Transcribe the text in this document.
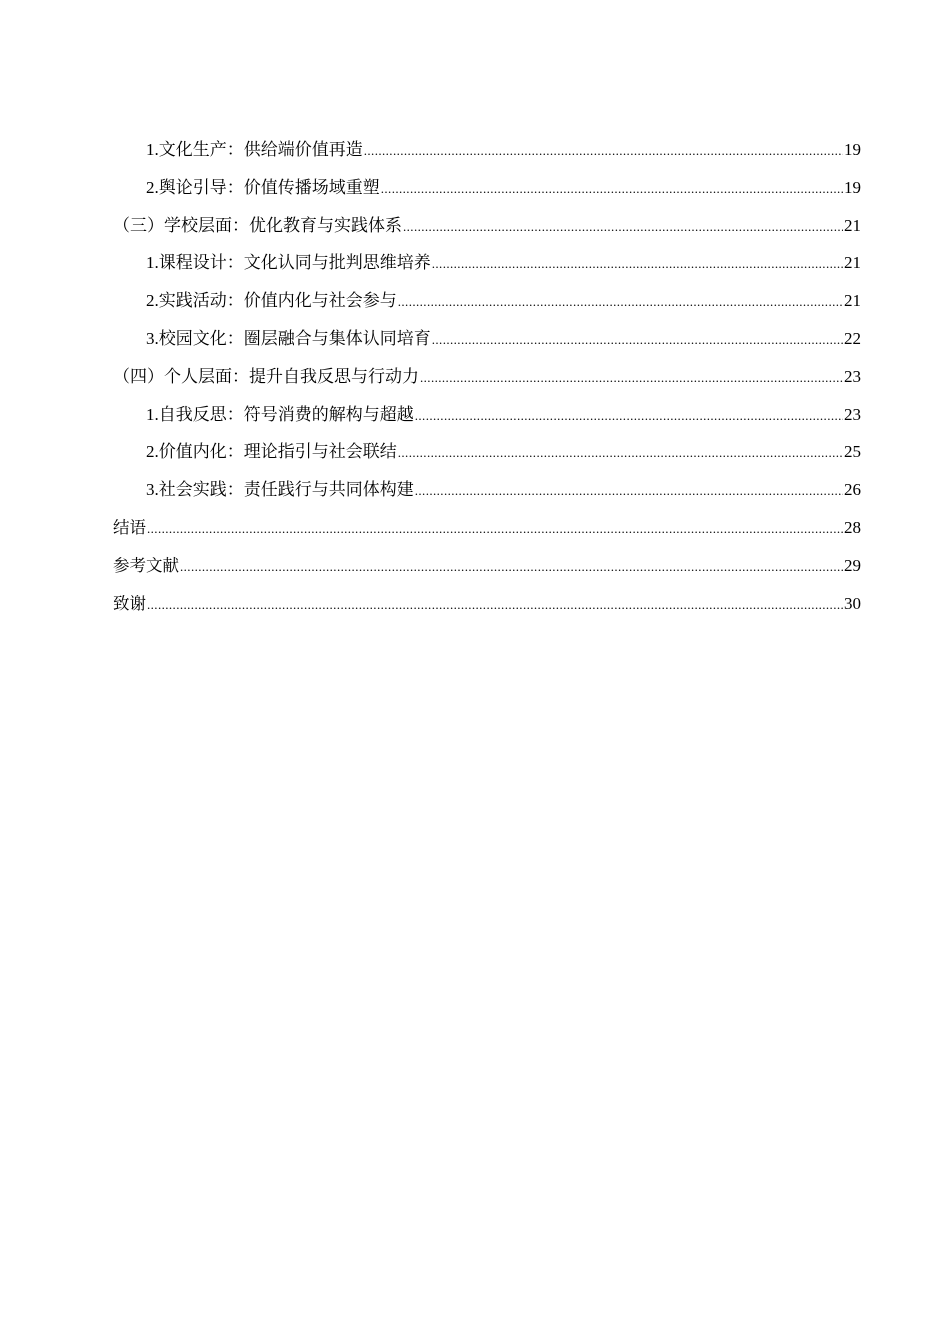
1.文化生产：供给端价值再造 .....	19
2.舆论引导：价值传播场域重塑 .....	19
（三）学校层面：优化教育与实践体系 .....	21
1.课程设计：文化认同与批判思维培养 .....	21
2.实践活动：价值内化与社会参与 .....	21
3.校园文化：圈层融合与集体认同培育 .....	22
（四）个人层面：提升自我反思与行动力 .....	23
1.自我反思：符号消费的解构与超越 .....	23
2.价值内化：理论指引与社会联结 .....	25
3.社会实践：责任践行与共同体构建 .....	26
结语 .....	28
参考文献 .....	29
致谢 .....	30
